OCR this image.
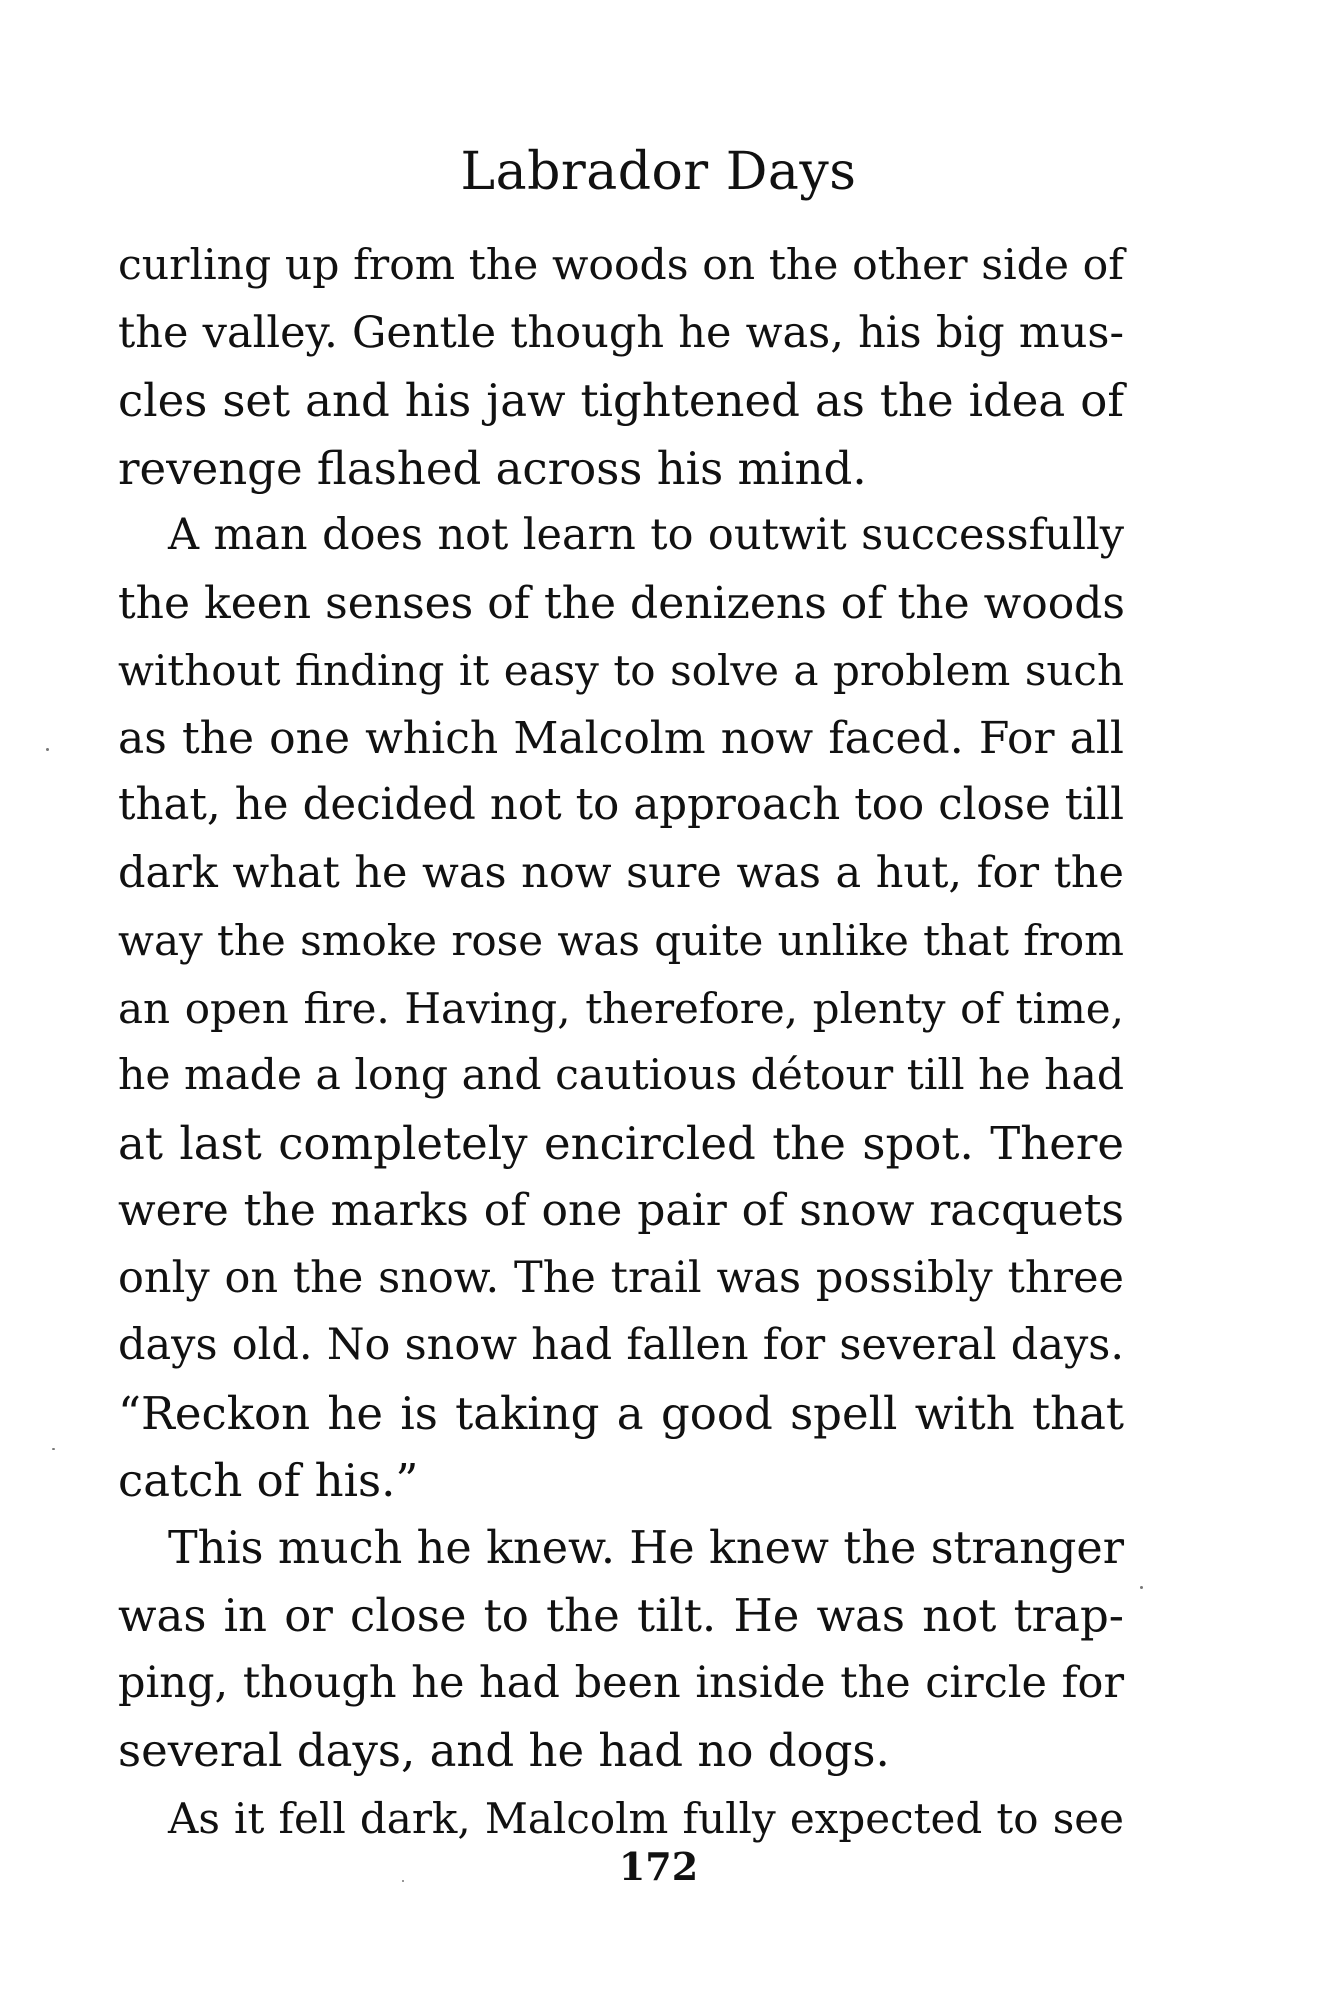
Labrador Days
curling up from the woods on the other side of
the valley. Gentle though he was, his big mus-
cles set and his jaw tightened as the idea of
revenge flashed across his mind.
A man does not learn to outwit successfully
the keen senses of the denizens of the woods
without finding it easy to solve a problem such
as the one which Malcolm now faced. For all
that, he decided not to approach too close till
dark what he was now sure was a hut, for the
way the smoke rose was quite unlike that from
an open fire. Having, therefore, plenty of time,
he made a long and cautious détour till he had
at last completely encircled the spot. There
were the marks of one pair of snow racquets
only on the snow. The trail was possibly three
days old. No snow had fallen for several days.
“Reckon he is taking a good spell with that
catch of his.”
This much he knew. He knew the stranger
was in or close to the tilt. He was not trap-
ping, though he had been inside the circle for
several days, and he had no dogs.
As it fell dark, Malcolm fully expected to see
172
